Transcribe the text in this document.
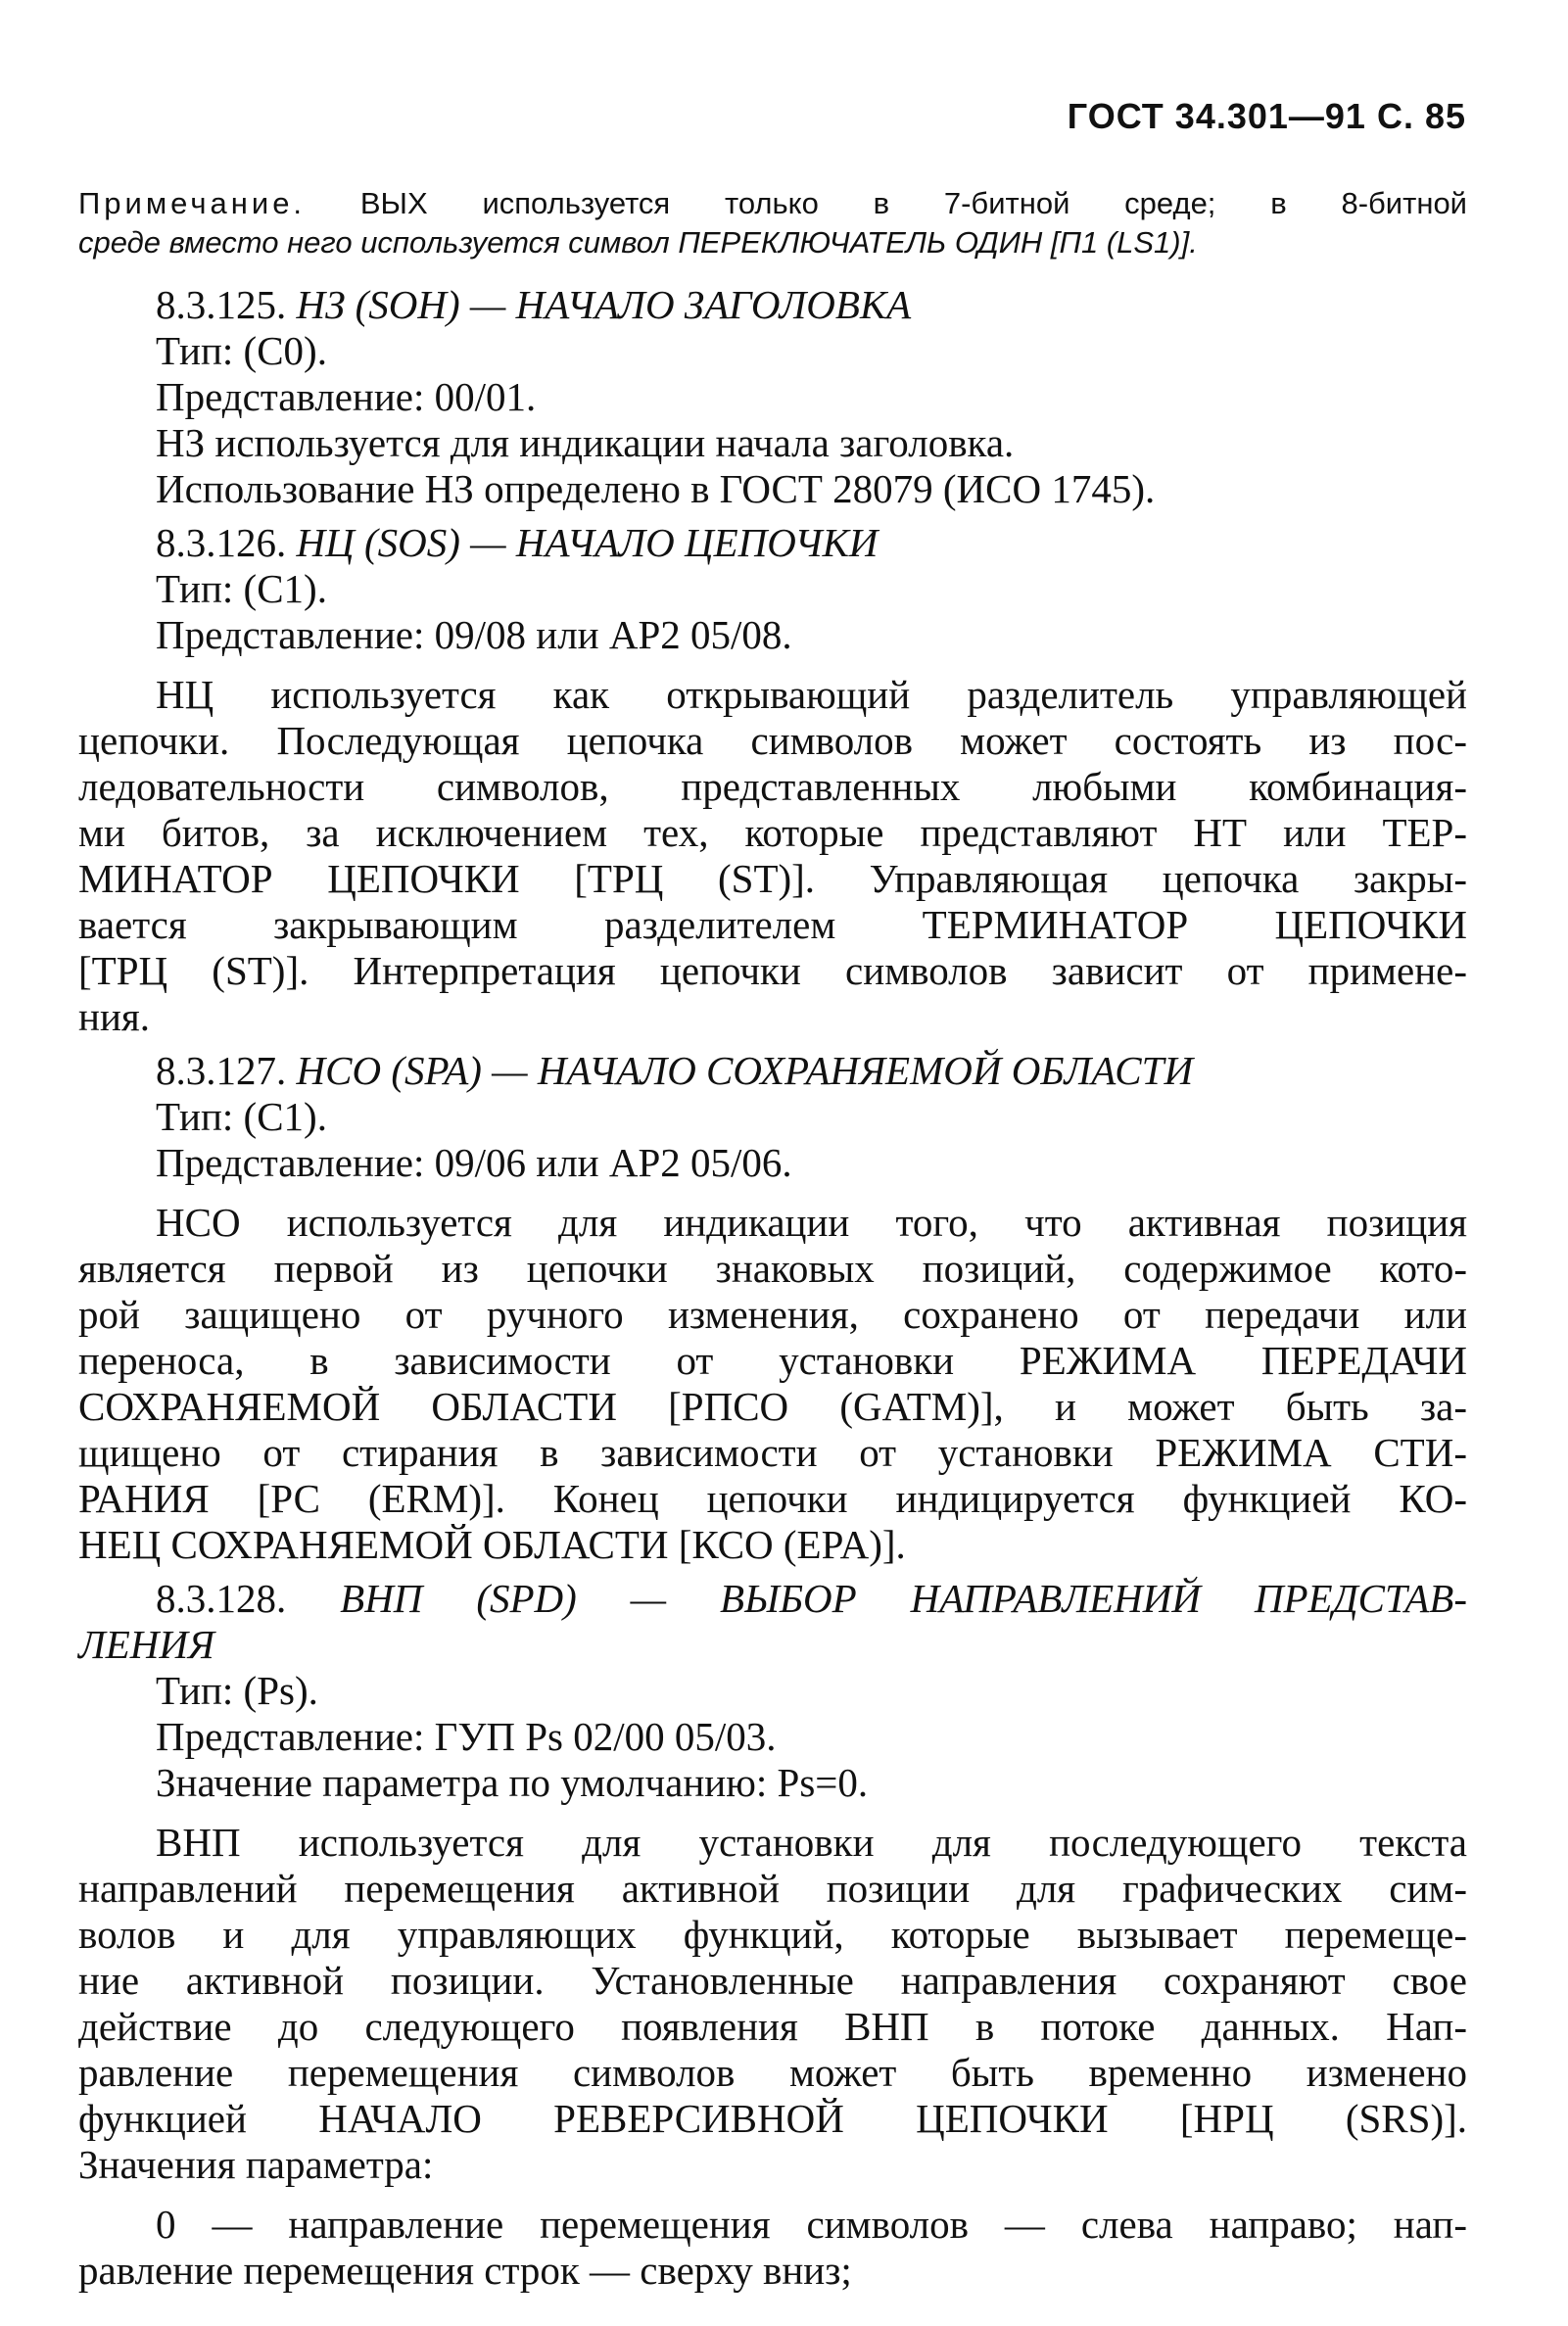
ГОСТ 34.301—91 С. 85
Примечание. ВЫХ используется только в 7-битной среде; в 8-битной
среде вместо него используется символ ПЕРЕКЛЮЧАТЕЛЬ ОДИН [П1 (LS1)].
8.3.125. НЗ (SOH) — НАЧАЛО ЗАГОЛОВКА
Тип: (C0).
Представление: 00/01.
НЗ используется для индикации начала заголовка.
Использование НЗ определено в ГОСТ 28079 (ИСО 1745).
8.3.126. НЦ (SOS) — НАЧАЛО ЦЕПОЧКИ
Тип: (C1).
Представление: 09/08 или АР2 05/08.
НЦ используется как открывающий разделитель управляющей
цепочки. Последующая цепочка символов может состоять из пос-
ледовательности символов, представленных любыми комбинация-
ми битов, за исключением тех, которые представляют НТ или ТЕР-
МИНАТОР ЦЕПОЧКИ [ТРЦ (ST)]. Управляющая цепочка закры-
вается закрывающим разделителем ТЕРМИНАТОР ЦЕПОЧКИ
[ТРЦ (ST)]. Интерпретация цепочки символов зависит от примене-
ния.
8.3.127. НСО (SPA) — НАЧАЛО СОХРАНЯЕМОЙ ОБЛАСТИ
Тип: (C1).
Представление: 09/06 или АР2 05/06.
НСО используется для индикации того, что активная позиция
является первой из цепочки знаковых позиций, содержимое кото-
рой защищено от ручного изменения, сохранено от передачи или
переноса, в зависимости от установки РЕЖИМА ПЕРЕДАЧИ
СОХРАНЯЕМОЙ ОБЛАСТИ [РПСО (GATM)], и может быть за-
щищено от стирания в зависимости от установки РЕЖИМА СТИ-
РАНИЯ [РС (ERM)]. Конец цепочки индицируется функцией КО-
НЕЦ СОХРАНЯЕМОЙ ОБЛАСТИ [КСО (EPA)].
8.3.128. ВНП (SPD) — ВЫБОР НАПРАВЛЕНИЙ ПРЕДСТАВ-
ЛЕНИЯ
Тип: (Ps).
Представление: ГУП Ps 02/00 05/03.
Значение параметра по умолчанию: Ps=0.
ВНП используется для установки для последующего текста
направлений перемещения активной позиции для графических сим-
волов и для управляющих функций, которые вызывает перемеще-
ние активной позиции. Установленные направления сохраняют свое
действие до следующего появления ВНП в потоке данных. Нап-
равление перемещения символов может быть временно изменено
функцией НАЧАЛО РЕВЕРСИВНОЙ ЦЕПОЧКИ [НРЦ (SRS)].
Значения параметра:
0 — направление перемещения символов — слева направо; нап-
равление перемещения строк — сверху вниз;
